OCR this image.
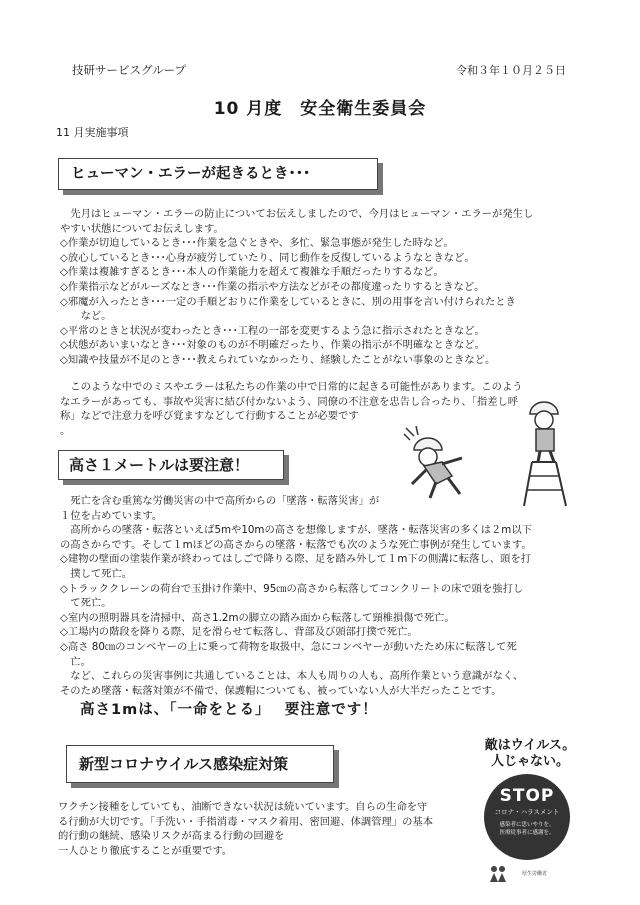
技研サービスグループ	令和３年１０月２５日
10 月度　安全衛生委員会
11 月実施事項
ヒューマン・エラーが起きるとき･･･
　先月はヒューマン・エラーの防止についてお伝えしましたので、今月はヒューマン・エラーが発生し
やすい状態についてお伝えします。
◇作業が切迫しているとき･･･作業を急ぐときや、多忙、緊急事態が発生した時など。
◇放心しているとき･･･心身が疲労していたり、同じ動作を反復しているようなときなど。
◇作業は複雑すぎるとき･･･本人の作業能力を超えて複雑な手順だったりするなど。
◇作業指示などがルーズなとき･･･作業の指示や方法などがその都度違ったりするときなど。
◇邪魔が入ったとき･･･一定の手順どおりに作業をしているときに、別の用事を言い付けられたとき
　　など。
◇平常のときと状況が変わったとき･･･工程の一部を変更するよう急に指示されたときなど。
◇状態があいまいなとき･･･対象のものが不明確だったり、作業の指示が不明確なときなど。
◇知識や技量が不足のとき･･･教えられていなかったり、経験したことがない事象のときなど。
　このような中でのミスやエラーは私たちの作業の中で日常的に起きる可能性があります。このよう
なエラーがあっても、事故や災害に結び付かないよう、同僚の不注意を忠告し合ったり、「指差し呼
称」などで注意力を呼び覚ますなどして行動することが必要です
。
高さ１メートルは要注意！
　死亡を含む重篤な労働災害の中で高所からの「墜落・転落災害」が
１位を占めています。
　高所からの墜落・転落といえば5mや10mの高さを想像しますが、墜落・転落災害の多くは２m以下
の高さからです。そして１mほどの高さからの墜落・転落でも次のような死亡事例が発生しています。
◇建物の壁面の塗装作業が終わってはしごで降りる際、足を踏み外して１m下の側溝に転落し、頭を打
　撲して死亡。
◇トラッククレーンの荷台で玉掛け作業中、95㎝の高さから転落してコンクリートの床で頭を強打し
　て死亡。
◇室内の照明器具を清掃中、高さ1.2mの脚立の踏み面から転落して頸椎損傷で死亡。
◇工場内の階段を降りる際、足を滑らせて転落し、背部及び頭部打撲で死亡。
◇高さ 80㎝のコンベヤーの上に乗って荷物を取扱中、急にコンベヤーが動いたため床に転落して死
　亡。
　など、これらの災害事例に共通していることは、本人も周りの人も、高所作業という意識がなく、
そのため墜落・転落対策が不備で、保護帽についても、被っていない人が大半だったことです。
高さ1mは、「一命をとる」　 要注意です！
新型コロナウイルス感染症対策
ワクチン接種をしていても、油断できない状況は続いています。自らの生命を守
る行動が大切です。「手洗い・手指消毒・マスク着用、密回避、体調管理」の基本
的行動の継続、感染リスクが高まる行動の回避を
一人ひとり徹底することが重要です。
敵はウイルス。
人じゃない。
STOP
コロナ・ハラスメント
感染者に思いやりを。
医療従事者に感謝を。
厚生労働省
